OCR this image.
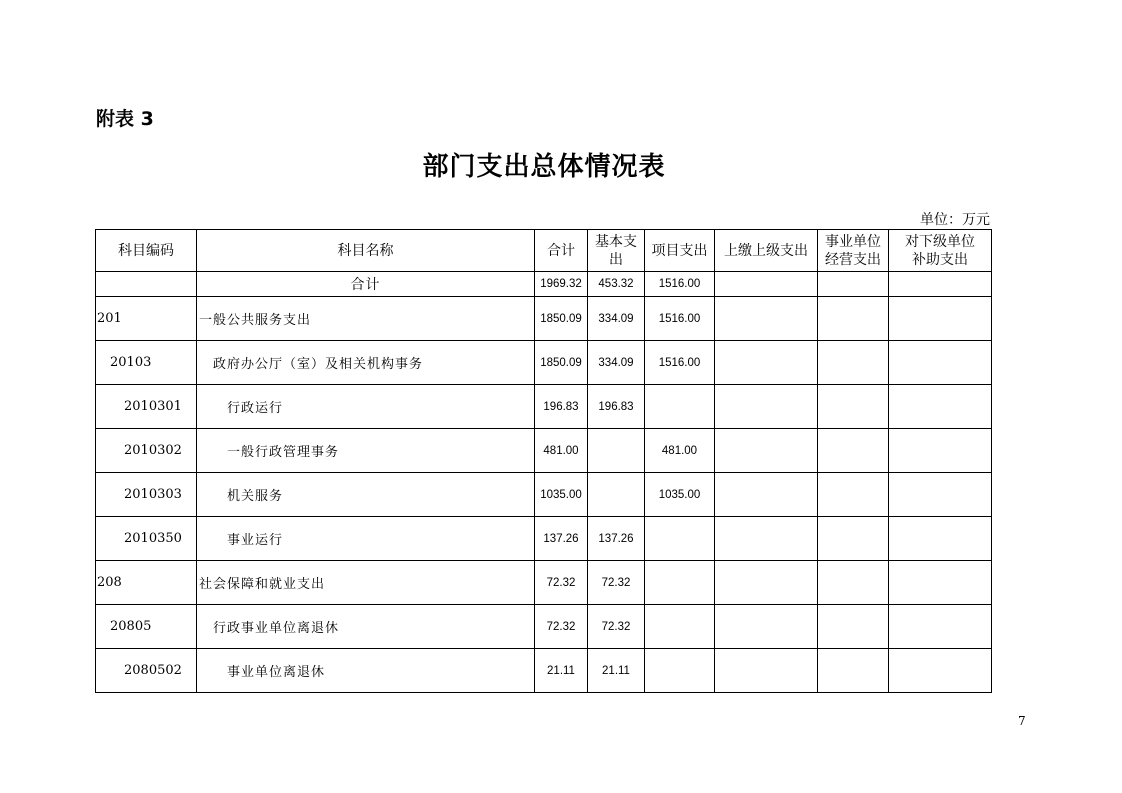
附表 3
部门支出总体情况表
单位：万元
科目编码	科目名称	合计	基本支出	项目支出	上缴上级支出	事业单位经营支出	对下级单位补助支出
	合计	1969.32	453.32	1516.00			
201	一般公共服务支出	1850.09	334.09	1516.00			
20103	政府办公厅（室）及相关机构事务	1850.09	334.09	1516.00			
2010301	行政运行	196.83	196.83				
2010302	一般行政管理事务	481.00		481.00			
2010303	机关服务	1035.00		1035.00			
2010350	事业运行	137.26	137.26				
208	社会保障和就业支出	72.32	72.32				
20805	行政事业单位离退休	72.32	72.32				
2080502	事业单位离退休	21.11	21.11				
7
